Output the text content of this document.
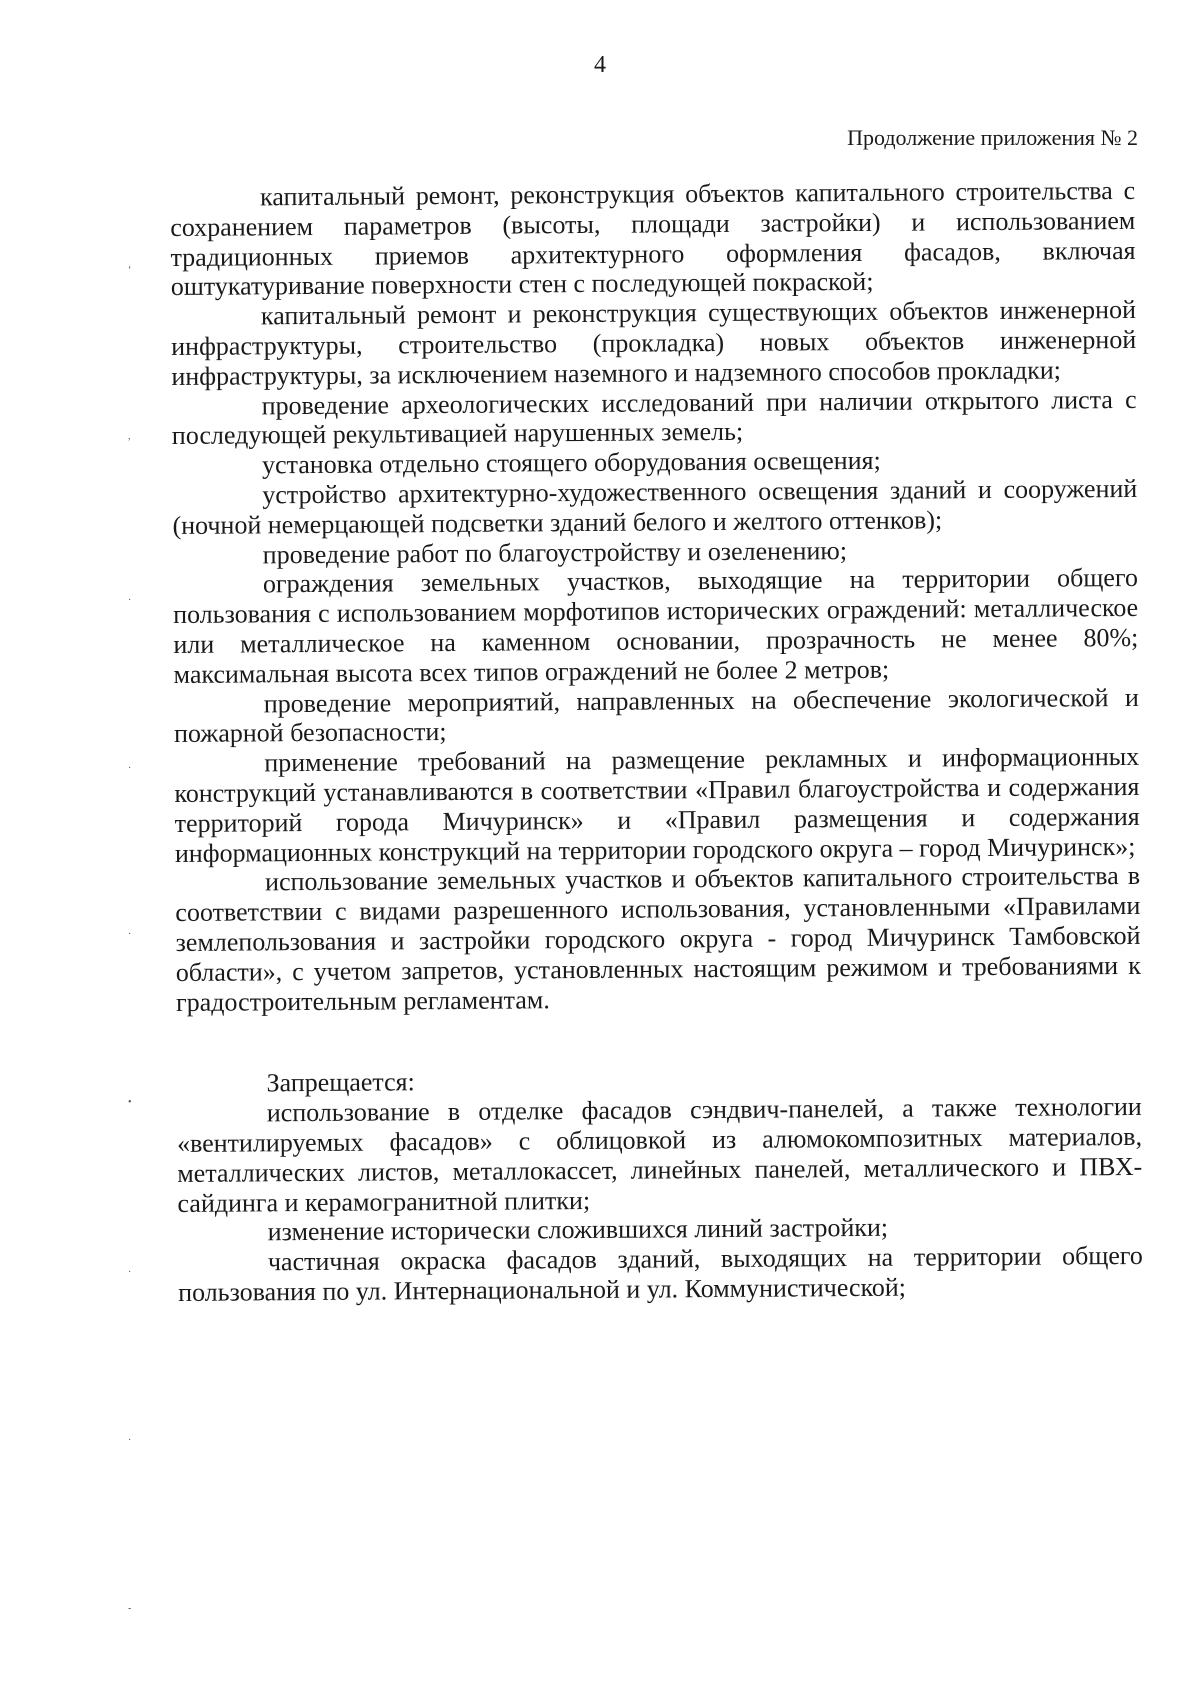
4
Продолжение приложения № 2

капитальный ремонт, реконструкция объектов капитального строительства с сохранением параметров (высоты, площади застройки) и использованием традиционных приемов архитектурного оформления фасадов, включая оштукатуривание поверхности стен с последующей покраской;

капитальный ремонт и реконструкция существующих объектов инженерной инфраструктуры, строительство (прокладка) новых объектов инженерной инфраструктуры, за исключением наземного и надземного способов прокладки;

проведение археологических исследований при наличии открытого листа с последующей рекультивацией нарушенных земель;

установка отдельно стоящего оборудования освещения;

устройство архитектурно-художественного освещения зданий и сооружений (ночной немерцающей подсветки зданий белого и желтого оттенков);

проведение работ по благоустройству и озеленению;

ограждения земельных участков, выходящие на территории общего пользования с использованием морфотипов исторических ограждений: металлическое или металлическое на каменном основании, прозрачность не менее 80%; максимальная высота всех типов ограждений не более 2 метров;

проведение мероприятий, направленных на обеспечение экологической и пожарной безопасности;

применение требований на размещение рекламных и информационных конструкций устанавливаются в соответствии «Правил благоустройства и содержания территорий города Мичуринск» и «Правил размещения и содержания информационных конструкций на территории городского округа – город Мичуринск»;

использование земельных участков и объектов капитального строительства в соответствии с видами разрешенного использования, установленными «Правилами землепользования и застройки городского округа - город Мичуринск Тамбовской области», с учетом запретов, установленных настоящим режимом и требованиями к градостроительным регламентам.

Запрещается:

использование в отделке фасадов сэндвич-панелей, а также технологии «вентилируемых фасадов» с облицовкой из алюмокомпозитных материалов, металлических листов, металлокассет, линейных панелей, металлического и ПВХ-сайдинга и керамогранитной плитки;

изменение исторически сложившихся линий застройки;

частичная окраска фасадов зданий, выходящих на территории общего пользования по ул. Интернациональной и ул. Коммунистической;

‘
,
·
·
·
•
·
·
-
